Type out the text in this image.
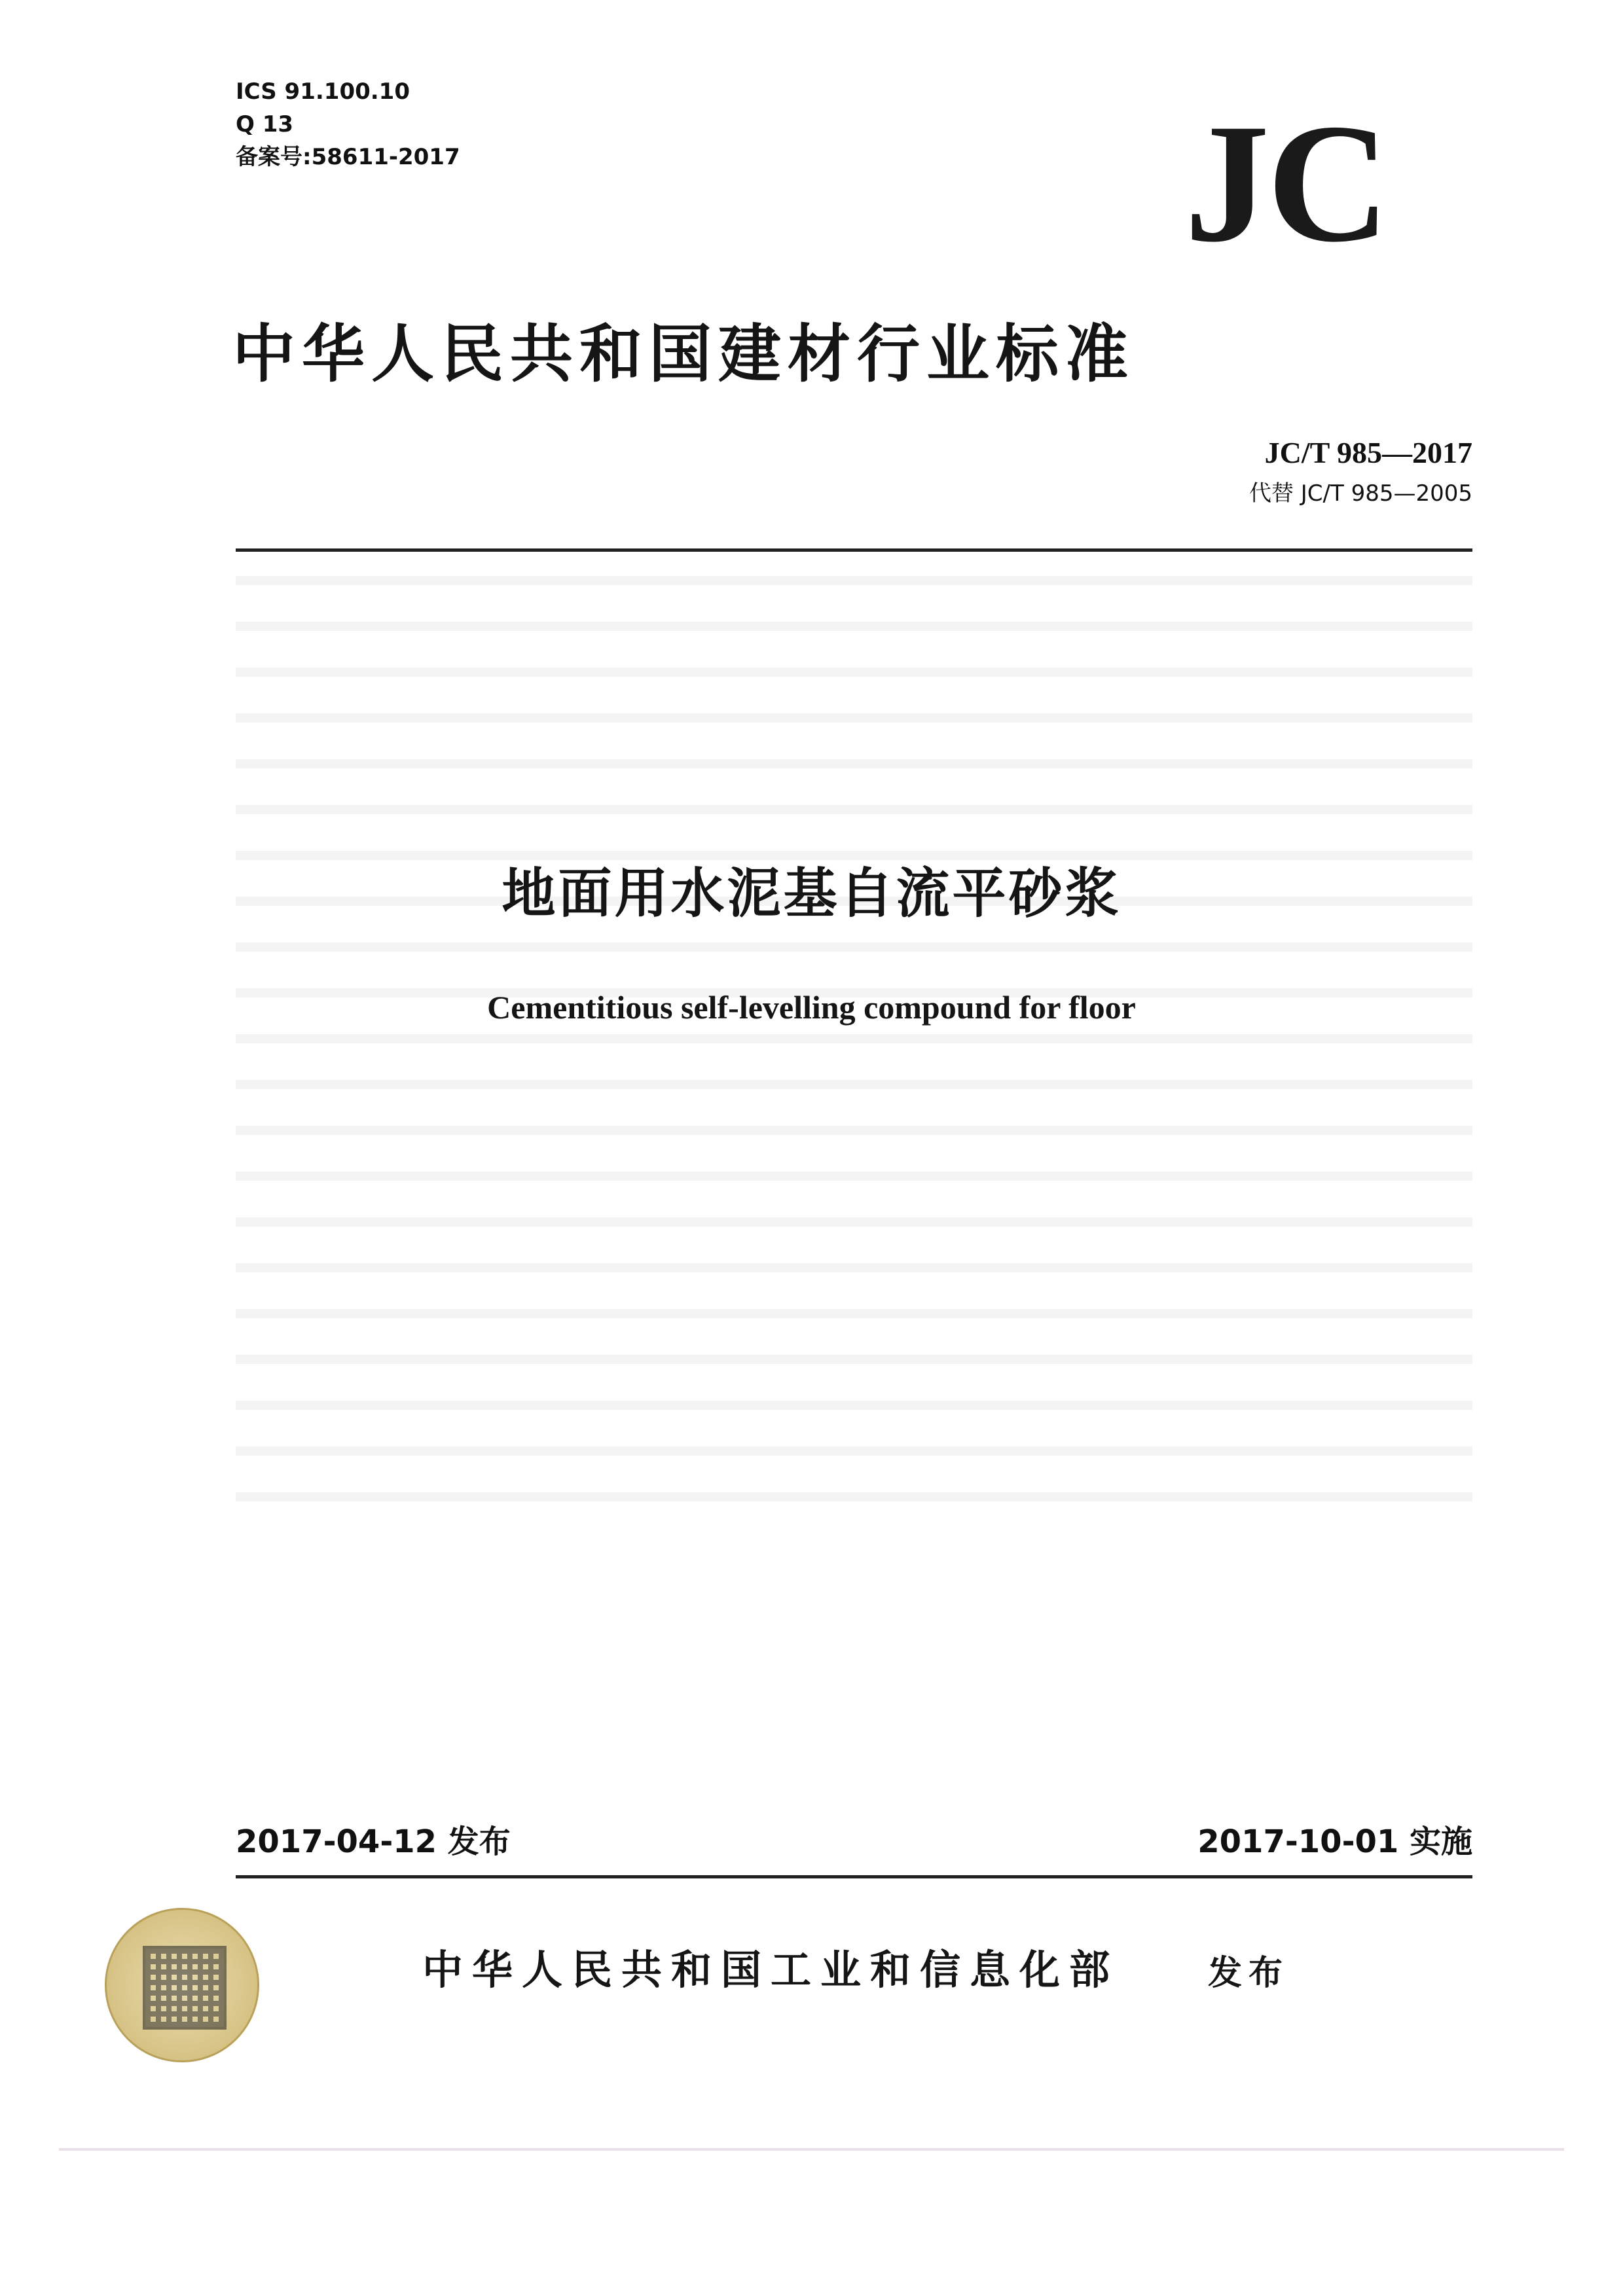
ICS 91.100.10
Q 13
备案号:58611-2017	JC
中华人民共和国建材行业标准
JC/T 985—2017
代替 JC/T 985—2005
地面用水泥基自流平砂浆
Cementitious self-levelling compound for floor
2017-04-12 发布	2017-10-01 实施
中华人民共和国工业和信息化部	发布
